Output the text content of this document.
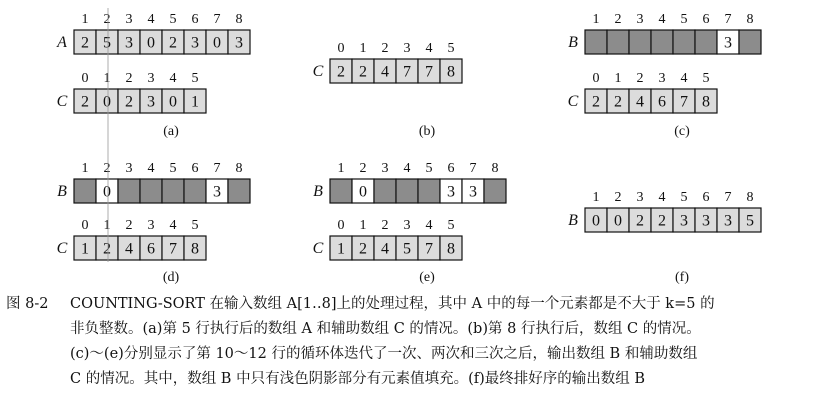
A
1 2 3 4 5 6 7 8
2 5 3 0 2 3 0 3
C
0 1 2 3 4 5
2 0 2 3 0 1
(a)
C
0 1 2 3 4 5
2 2 4 7 7 8
(b)
B
1 2 3 4 5 6 7 8
3
C
0 1 2 3 4 5
2 2 4 6 7 8
(c)
B
1 2 3 4 5 6 7 8
0	3
C
0 1 2 3 4 5
1 2 4 6 7 8
(d)
B
1 2 3 4 5 6 7 8
0	3 3
C
0 1 2 3 4 5
1 2 4 5 7 8
(e)
B
1 2 3 4 5 6 7 8
0 0 2 2 3 3 3 5
(f)
图 8-2 COUNTING-SORT 在输入数组 A[1‥8]上的处理过程，其中 A 中的每一个元素都是不大于 k=5 的
非负整数。(a)第 5 行执行后的数组 A 和辅助数组 C 的情况。(b)第 8 行执行后，数组 C 的情况。
(c)～(e)分别显示了第 10～12 行的循环体迭代了一次、两次和三次之后，输出数组 B 和辅助数组
C 的情况。其中，数组 B 中只有浅色阴影部分有元素值填充。(f)最终排好序的输出数组 B
